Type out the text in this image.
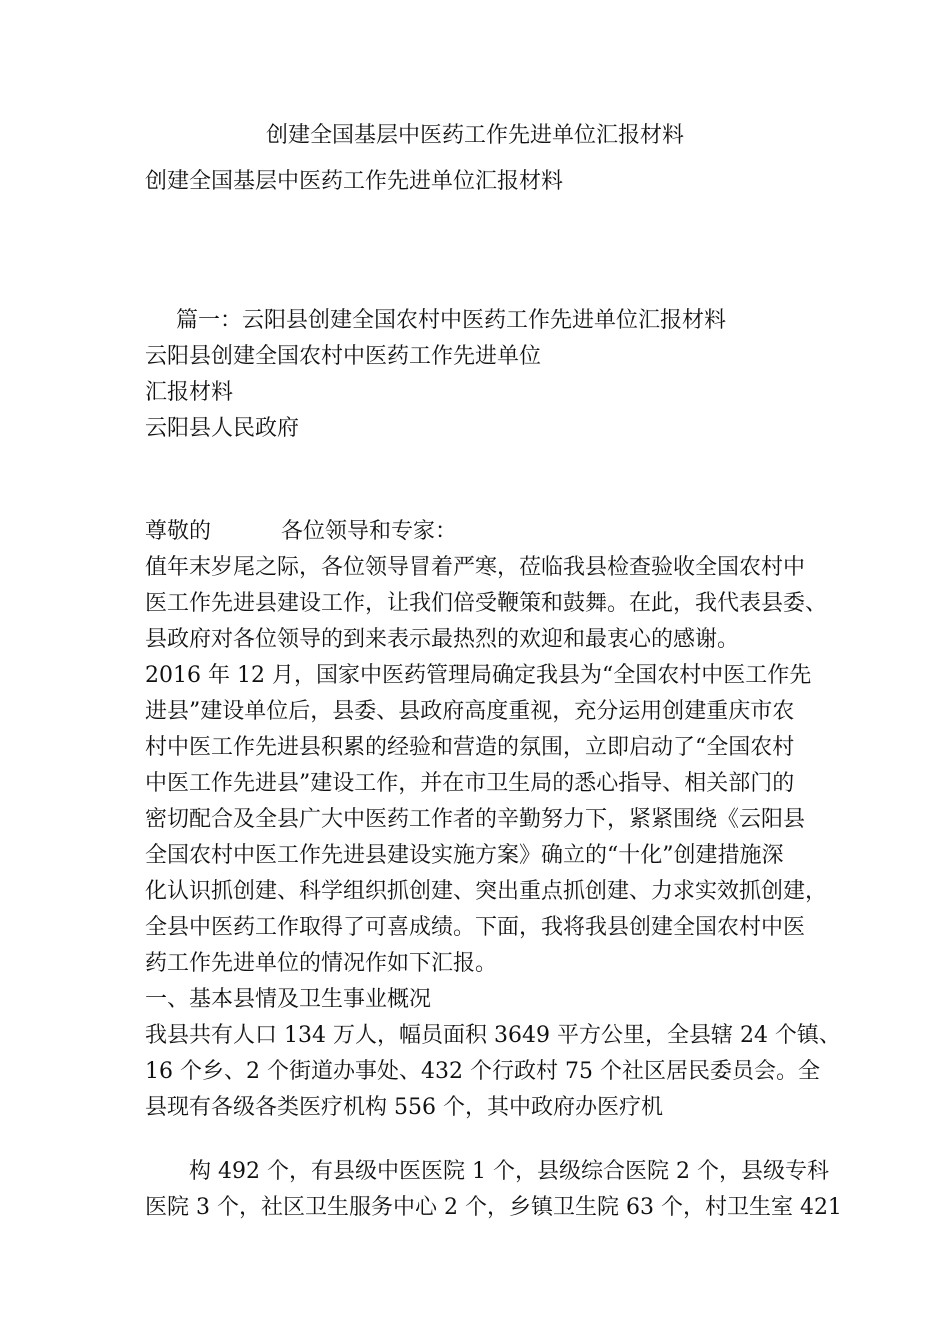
创建全国基层中医药工作先进单位汇报材料
创建全国基层中医药工作先进单位汇报材料
篇一：云阳县创建全国农村中医药工作先进单位汇报材料
云阳县创建全国农村中医药工作先进单位
汇报材料
云阳县人民政府
尊敬的	各位领导和专家：
值年末岁尾之际，各位领导冒着严寒，莅临我县检查验收全国农村中
医工作先进县建设工作，让我们倍受鞭策和鼓舞。在此，我代表县委、
县政府对各位领导的到来表示最热烈的欢迎和最衷心的感谢。
2016 年 12 月，国家中医药管理局确定我县为“全国农村中医工作先
进县”建设单位后，县委、县政府高度重视，充分运用创建重庆市农
村中医工作先进县积累的经验和营造的氛围，立即启动了“全国农村
中医工作先进县”建设工作，并在市卫生局的悉心指导、相关部门的
密切配合及全县广大中医药工作者的辛勤努力下，紧紧围绕《云阳县
全国农村中医工作先进县建设实施方案》确立的“十化”创建措施深
化认识抓创建、科学组织抓创建、突出重点抓创建、力求实效抓创建，
全县中医药工作取得了可喜成绩。下面，我将我县创建全国农村中医
药工作先进单位的情况作如下汇报。
一、基本县情及卫生事业概况
我县共有人口 134 万人，幅员面积 3649 平方公里，全县辖 24 个镇、
16 个乡、2 个街道办事处、432 个行政村 75 个社区居民委员会。全
县现有各级各类医疗机构 556 个，其中政府办医疗机
构 492 个，有县级中医医院 1 个，县级综合医院 2 个，县级专科
医院 3 个，社区卫生服务中心 2 个，乡镇卫生院 63 个，村卫生室 421
